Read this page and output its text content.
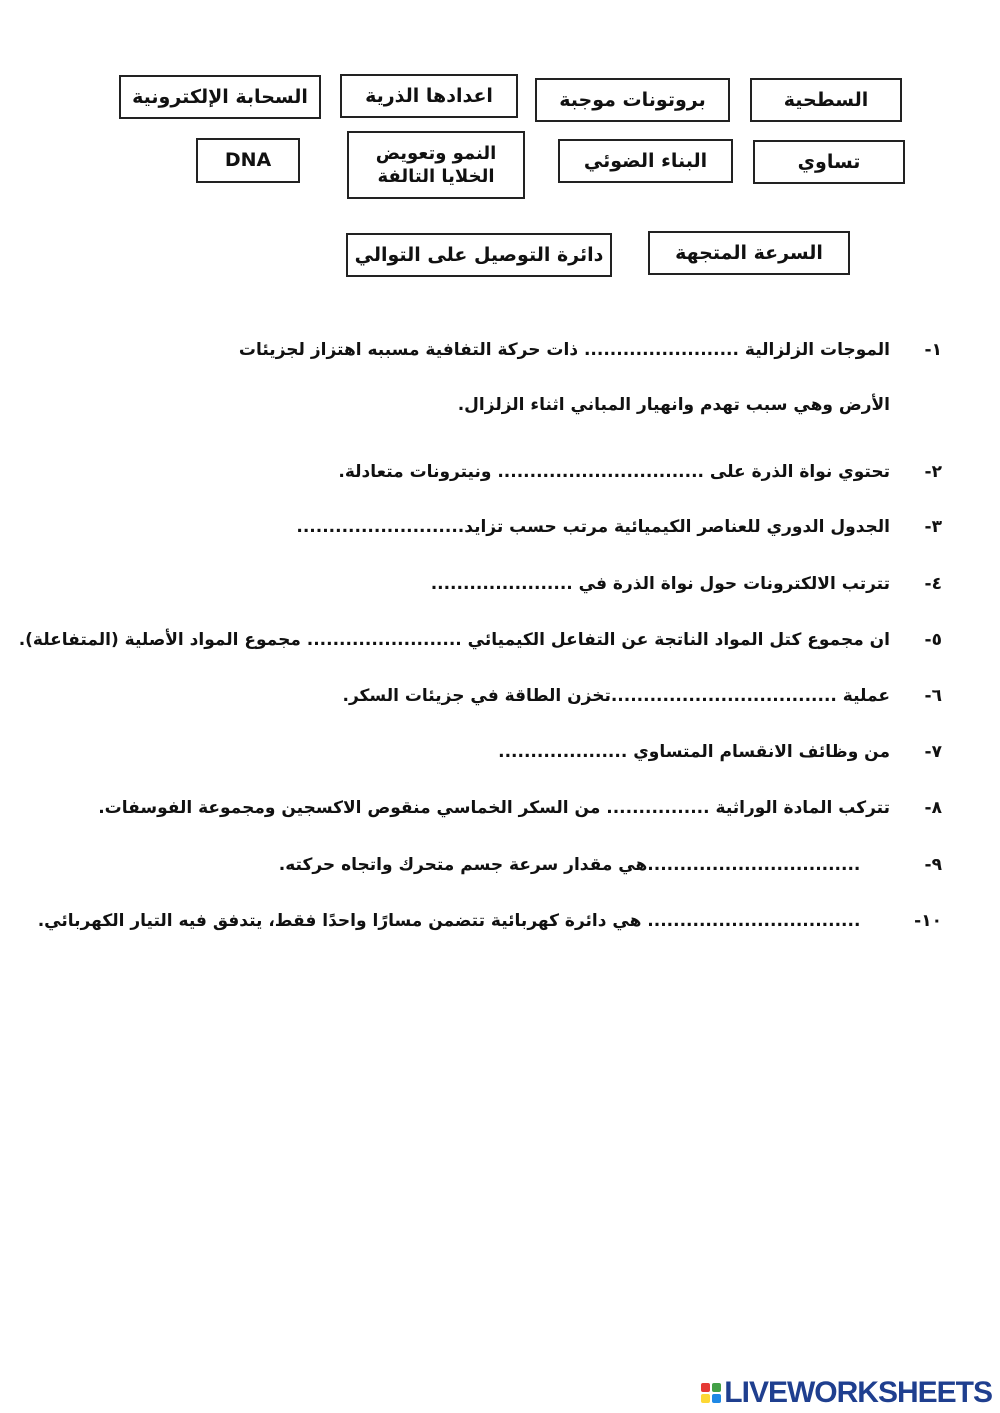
السحابة الإلكترونية	اعدادها الذرية	بروتونات موجبة	السطحية
DNA	النمو وتعويض الخلايا التالفة
البناء الضوئي	تساوي
دائرة التوصيل على التوالي	السرعة المتجهة
١-
الموجات الزلزالية ........................ ذات حركة التفافية مسببه اهتزاز لجزيئات
الأرض وهي سبب تهدم وانهيار المباني اثناء الزلزال.
٢-
تحتوي نواة الذرة على ................................ ونيترونات متعادلة.
٣-
الجدول الدوري للعناصر الكيميائية مرتب حسب تزايد..........................
٤-
تترتب الالكترونات حول نواة الذرة في ......................
٥-
ان مجموع كتل المواد الناتجة عن التفاعل الكيميائي ........................ مجموع المواد الأصلية (المتفاعلة).
٦-
عملية ...................................تخزن الطاقة في جزيئات السكر.
٧-
من وظائف الانقسام المتساوي ....................
٨-
تتركب المادة الوراثية ................ من السكر الخماسي منقوص الاكسجين ومجموعة الفوسفات.
٩-
.................................هي مقدار سرعة جسم متحرك واتجاه حركته.
١٠-
................................. هي دائرة كهربائية تتضمن مسارًا واحدًا فقط، يتدفق فيه التيار الكهربائي.
LIVEWORKSHEETS
